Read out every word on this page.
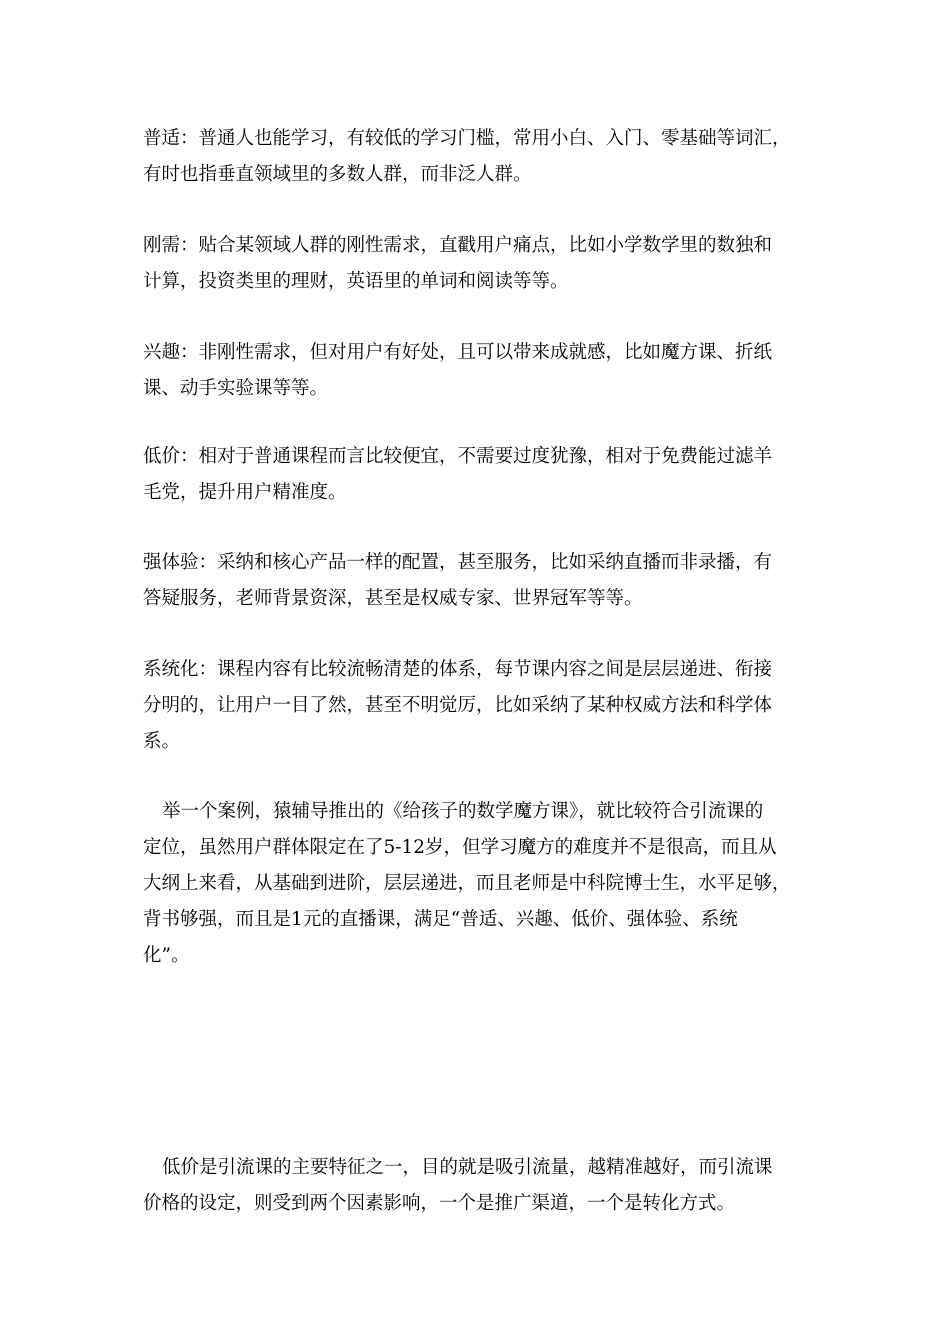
普适：普通人也能学习，有较低的学习门槛，常用小白、入门、零基础等词汇，
有时也指垂直领域里的多数人群，而非泛人群。
刚需：贴合某领域人群的刚性需求，直戳用户痛点，比如小学数学里的数独和
计算，投资类里的理财，英语里的单词和阅读等等。
兴趣：非刚性需求，但对用户有好处，且可以带来成就感，比如魔方课、折纸
课、动手实验课等等。
低价：相对于普通课程而言比较便宜，不需要过度犹豫，相对于免费能过滤羊
毛党，提升用户精准度。
强体验：采纳和核心产品一样的配置，甚至服务，比如采纳直播而非录播，有
答疑服务，老师背景资深，甚至是权威专家、世界冠军等等。
系统化：课程内容有比较流畅清楚的体系，每节课内容之间是层层递进、衔接
分明的，让用户一目了然，甚至不明觉厉，比如采纳了某种权威方法和科学体
系。
举一个案例，猿辅导推出的《给孩子的数学魔方课》，就比较符合引流课的
定位，虽然用户群体限定在了5-12岁，但学习魔方的难度并不是很高，而且从
大纲上来看，从基础到进阶，层层递进，而且老师是中科院博士生，水平足够，
背书够强，而且是1元的直播课，满足“普适、兴趣、低价、强体验、系统
化”。
低价是引流课的主要特征之一，目的就是吸引流量，越精准越好，而引流课
价格的设定，则受到两个因素影响，一个是推广渠道，一个是转化方式。
